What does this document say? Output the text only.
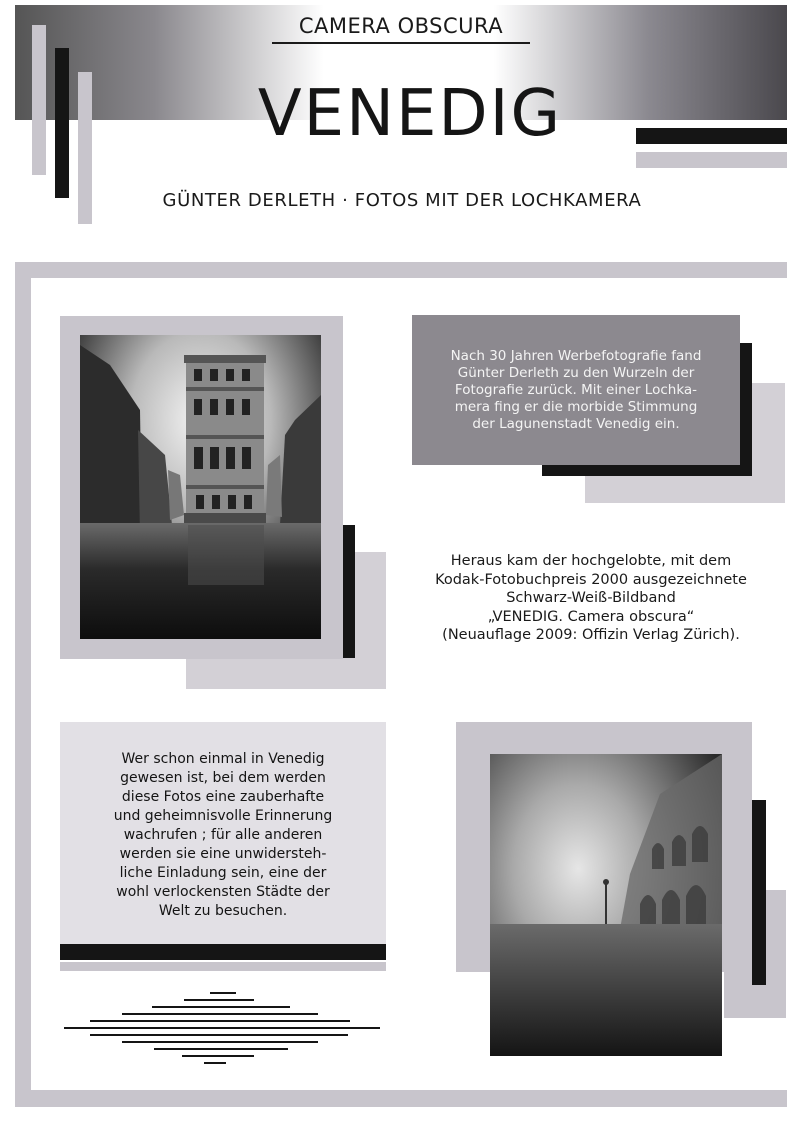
CAMERA OBSCURA
VENEDIG
GÜNTER DERLETH · FOTOS MIT DER LOCHKAMERA
Nach 30 Jahren Werbefotografie fand
Günter Derleth zu den Wurzeln der
Fotografie zurück. Mit einer Lochka-
mera fing er die morbide Stimmung
der Lagunenstadt Venedig ein.
Heraus kam der hochgelobte, mit dem
Kodak-Fotobuchpreis 2000 ausgezeichnete
Schwarz-Weiß-Bildband
„VENEDIG. Camera obscura“
(Neuauflage 2009: Offizin Verlag Zürich).
Wer schon einmal in Venedig
gewesen ist, bei dem werden
diese Fotos eine zauberhafte
und geheimnisvolle Erinnerung
wachrufen ; für alle anderen
werden sie eine unwidersteh-
liche Einladung sein, eine der
wohl verlockensten Städte der
Welt zu besuchen.
